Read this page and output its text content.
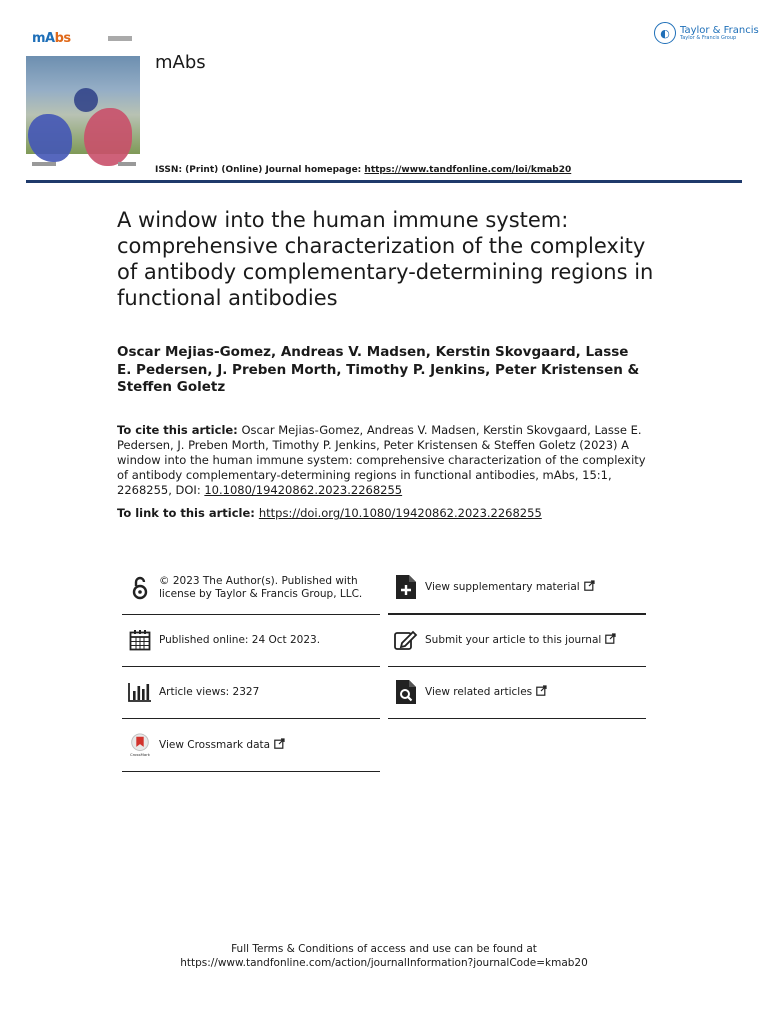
mAbs
mAbs
◐	Taylor & Francis
Taylor & Francis Group
ISSN: (Print) (Online) Journal homepage: https://www.tandfonline.com/loi/kmab20
A window into the human immune system: comprehensive characterization of the complexity of antibody complementary-determining regions in functional antibodies

Oscar Mejias-Gomez, Andreas V. Madsen, Kerstin Skovgaard, Lasse E. Pedersen, J. Preben Morth, Timothy P. Jenkins, Peter Kristensen & Steffen Goletz

To cite this article: Oscar Mejias-Gomez, Andreas V. Madsen, Kerstin Skovgaard, Lasse E. Pedersen, J. Preben Morth, Timothy P. Jenkins, Peter Kristensen & Steffen Goletz (2023) A window into the human immune system: comprehensive characterization of the complexity of antibody complementary-determining regions in functional antibodies, mAbs, 15:1, 2268255, DOI: 10.1080/19420862.2023.2268255

To link to this article: https://doi.org/10.1080/19420862.2023.2268255

© 2023 The Author(s). Published with license by Taylor & Francis Group, LLC.
Published online: 24 Oct 2023.
Article views: 2327
CrossMark
View Crossmark data
View supplementary material
Submit your article to this journal
View related articles
Full Terms & Conditions of access and use can be found at
https://www.tandfonline.com/action/journalInformation?journalCode=kmab20
